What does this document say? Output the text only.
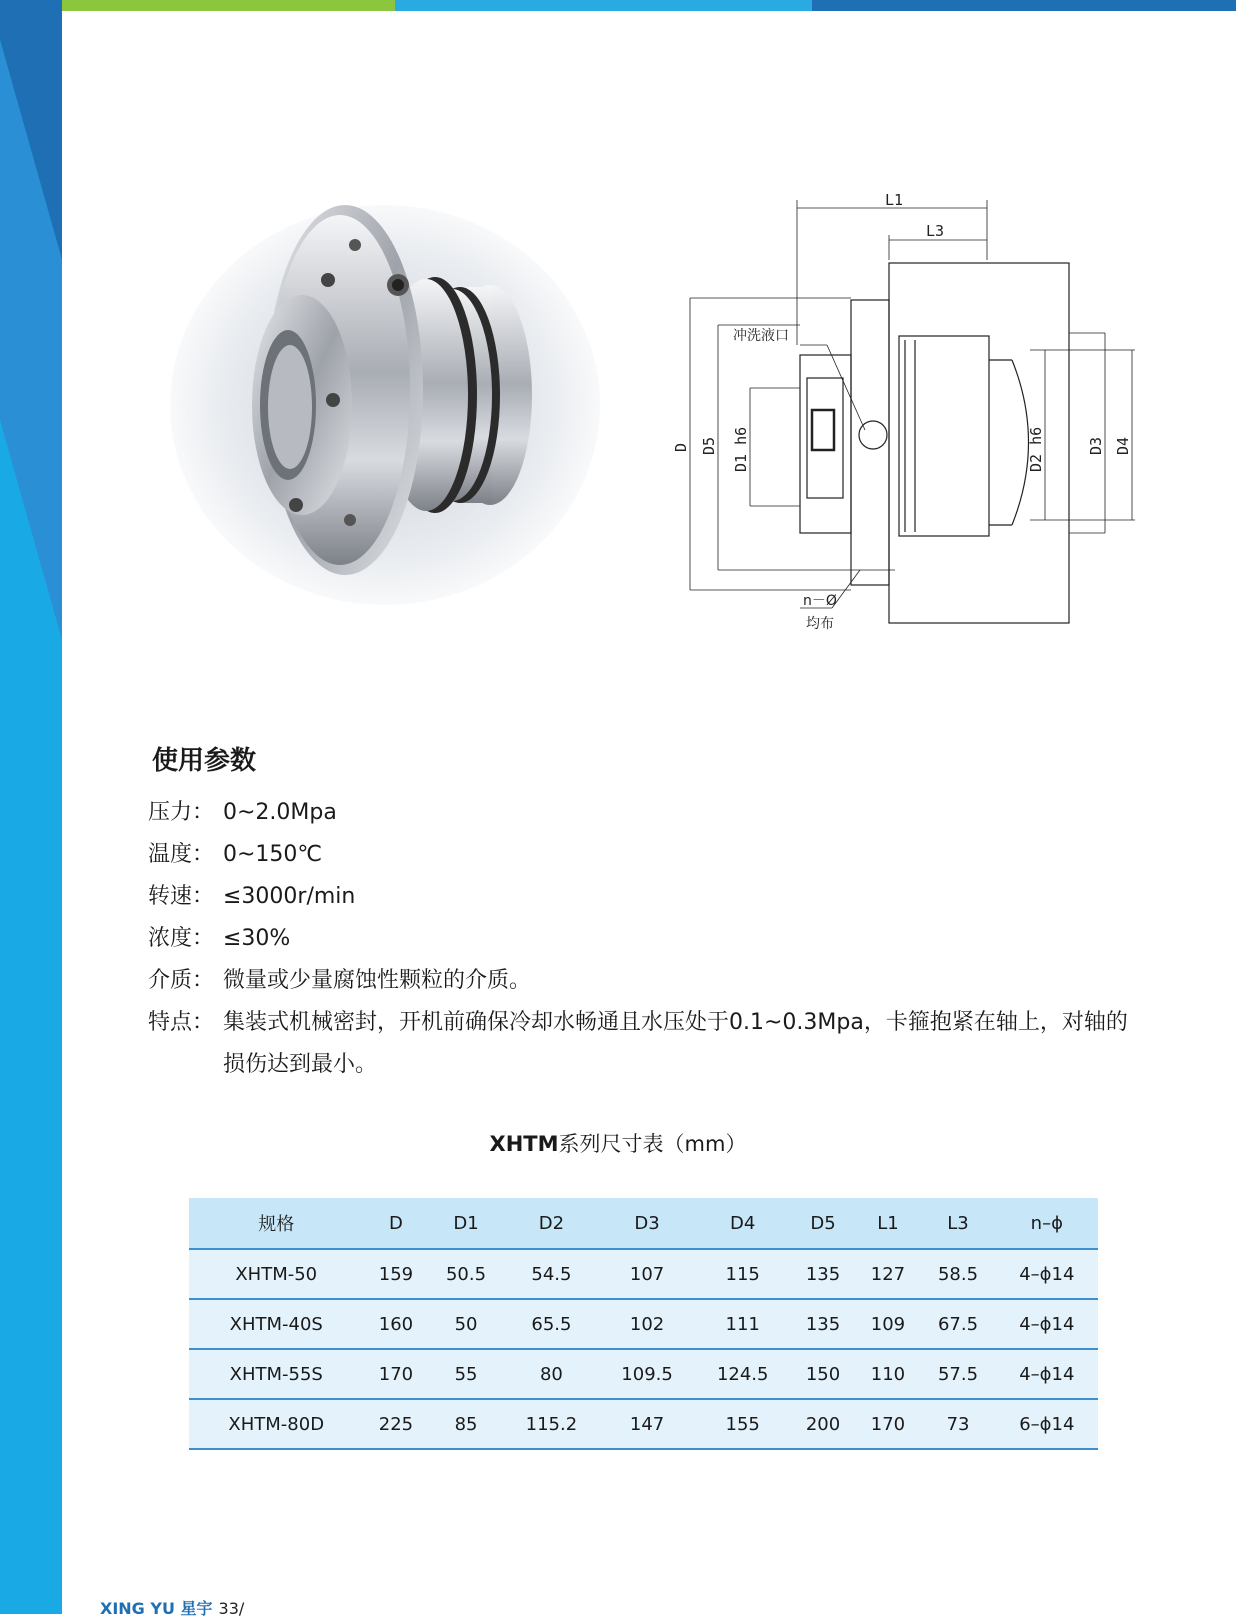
L1
L3
冲洗液口
D D5 D1 h6	D2 h6	D3 D4
n－Ø
均布
使用参数
压力： 0~2.0Mpa
温度： 0~150℃
转速： ≤3000r/min
浓度： ≤30%
介质： 微量或少量腐蚀性颗粒的介质。
特点： 集装式机械密封，开机前确保冷却水畅通且水压处于0.1~0.3Mpa，卡箍抱紧在轴上，对轴的损伤达到最小。
XHTM系列尺寸表（mm）
规格	D	D1	D2	D3	D4	D5	L1	L3	n–ϕ
XHTM-50	159	50.5	54.5	107	115	135	127	58.5	4–ϕ14
XHTM-40S	160	50	65.5	102	111	135	109	67.5	4–ϕ14
XHTM-55S	170	55	80	109.5	124.5	150	110	57.5	4–ϕ14
XHTM-80D	225	85	115.2	147	155	200	170	73	6–ϕ14
XING YU 星宇 33/
